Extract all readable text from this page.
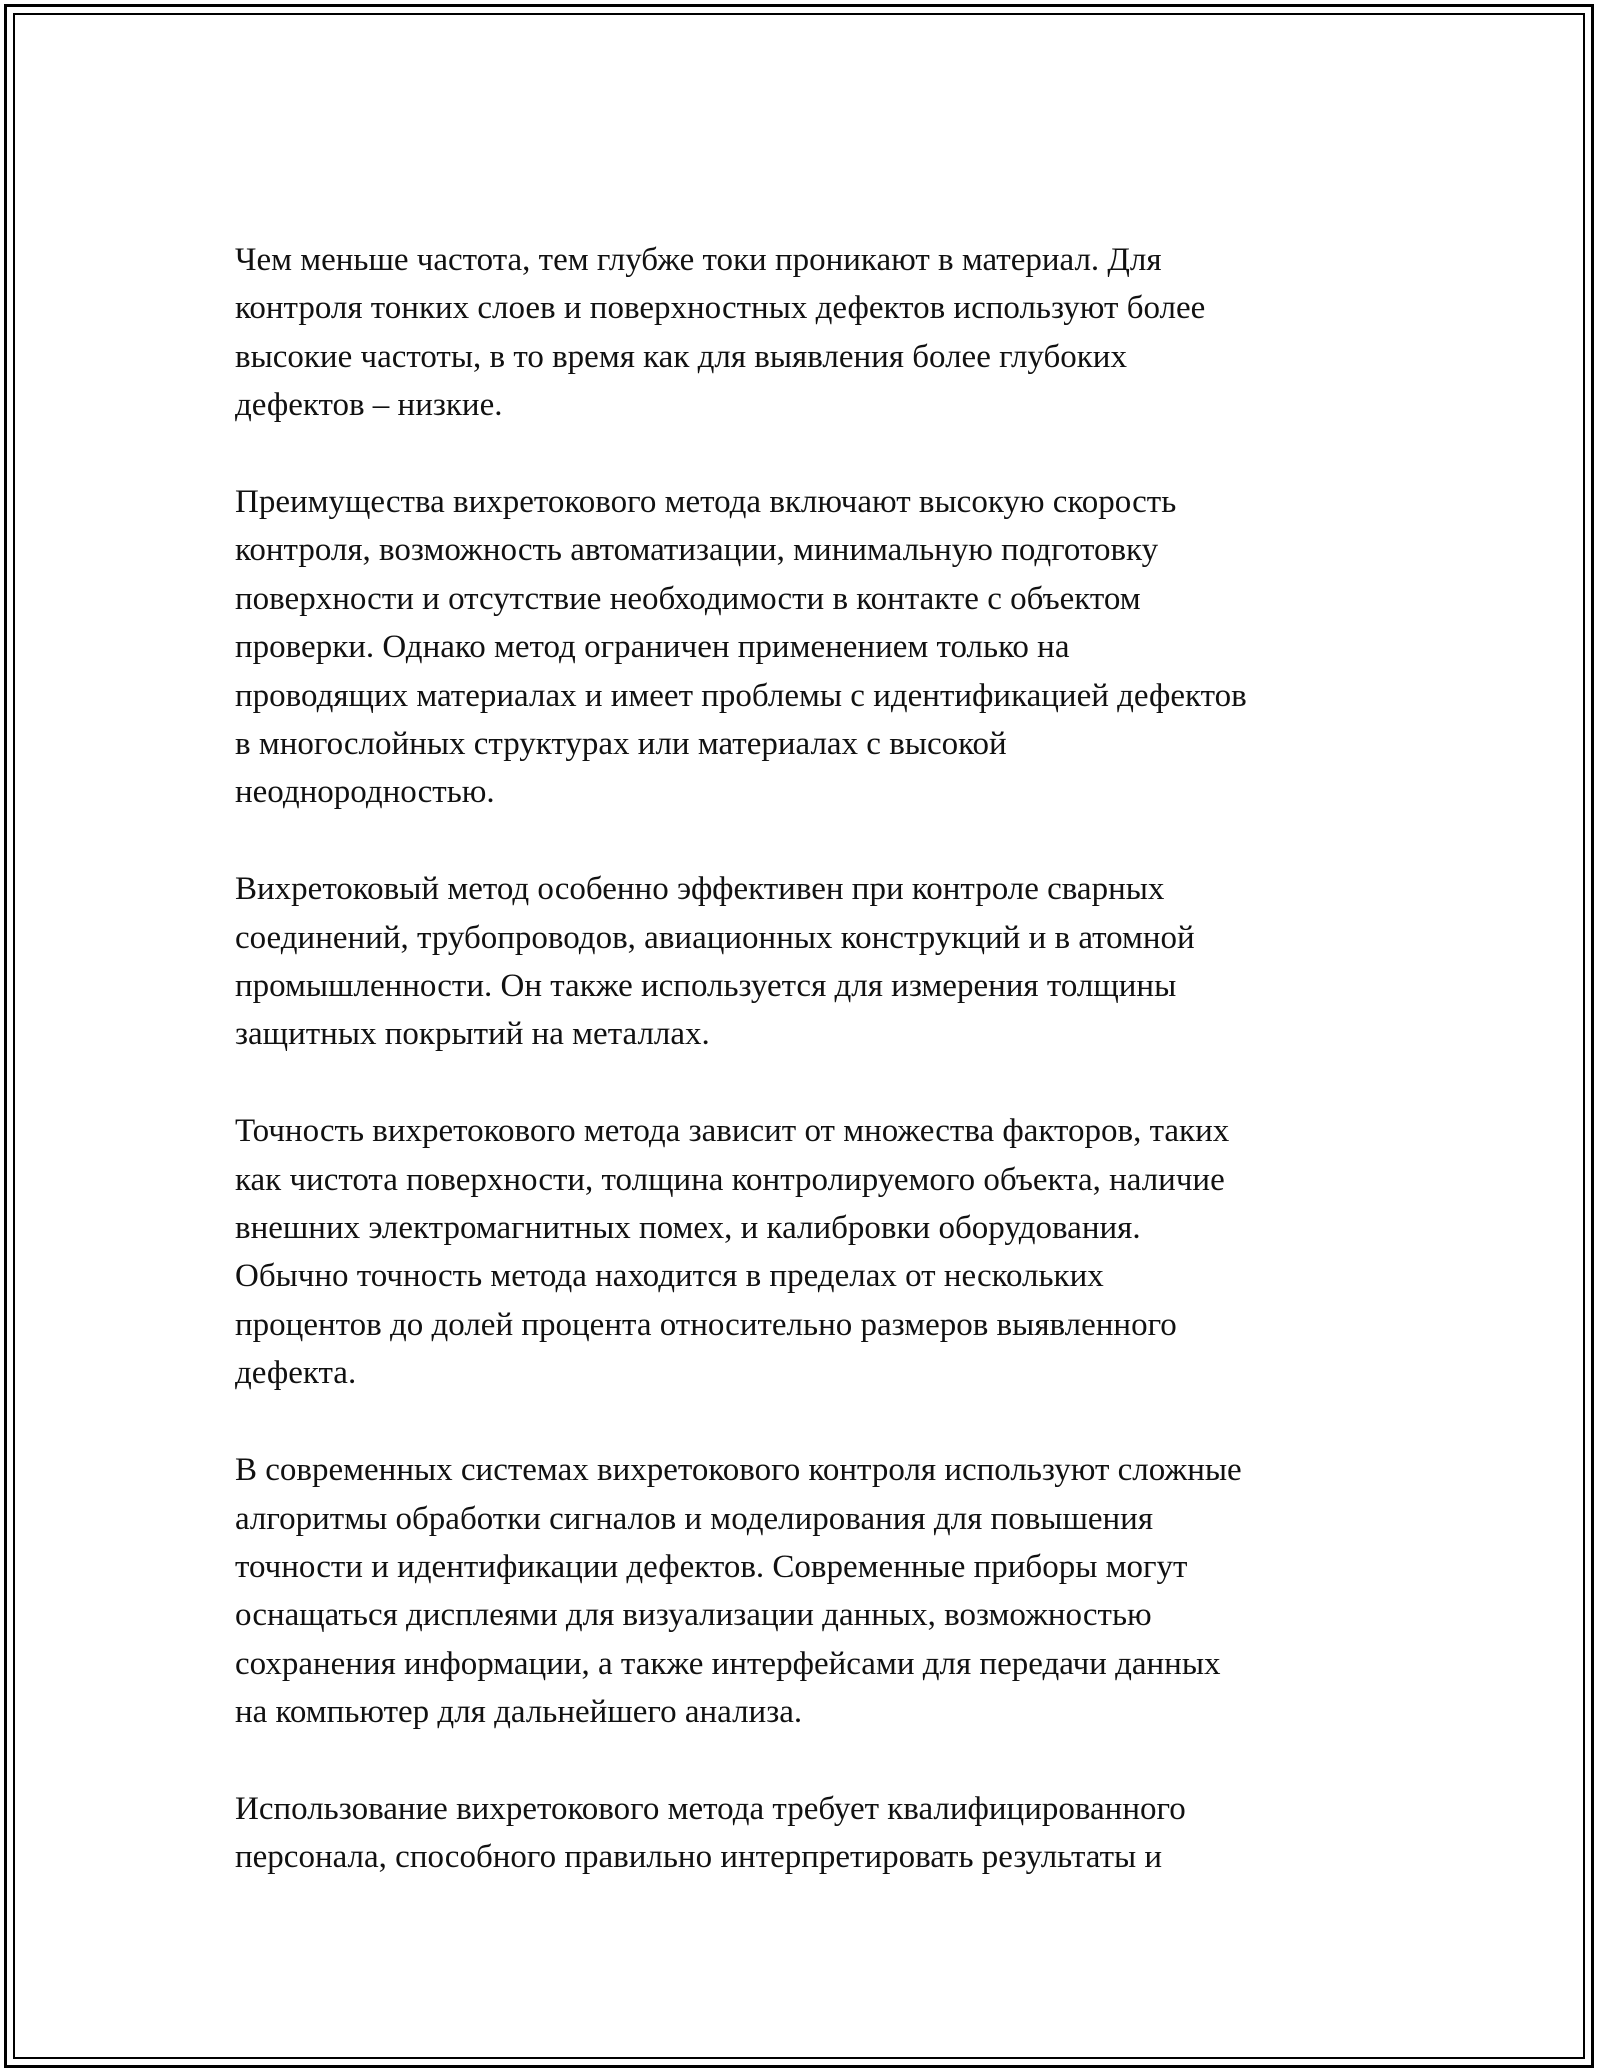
Чем меньше частота, тем глубже токи проникают в материал. Для
контроля тонких слоев и поверхностных дефектов используют более
высокие частоты, в то время как для выявления более глубоких
дефектов – низкие.

Преимущества вихретокового метода включают высокую скорость
контроля, возможность автоматизации, минимальную подготовку
поверхности и отсутствие необходимости в контакте с объектом
проверки. Однако метод ограничен применением только на
проводящих материалах и имеет проблемы с идентификацией дефектов
в многослойных структурах или материалах с высокой
неоднородностью.

Вихретоковый метод особенно эффективен при контроле сварных
соединений, трубопроводов, авиационных конструкций и в атомной
промышленности. Он также используется для измерения толщины
защитных покрытий на металлах.

Точность вихретокового метода зависит от множества факторов, таких
как чистота поверхности, толщина контролируемого объекта, наличие
внешних электромагнитных помех, и калибровки оборудования.
Обычно точность метода находится в пределах от нескольких
процентов до долей процента относительно размеров выявленного
дефекта.

В современных системах вихретокового контроля используют сложные
алгоритмы обработки сигналов и моделирования для повышения
точности и идентификации дефектов. Современные приборы могут
оснащаться дисплеями для визуализации данных, возможностью
сохранения информации, а также интерфейсами для передачи данных
на компьютер для дальнейшего анализа.

Использование вихретокового метода требует квалифицированного
персонала, способного правильно интерпретировать результаты и
